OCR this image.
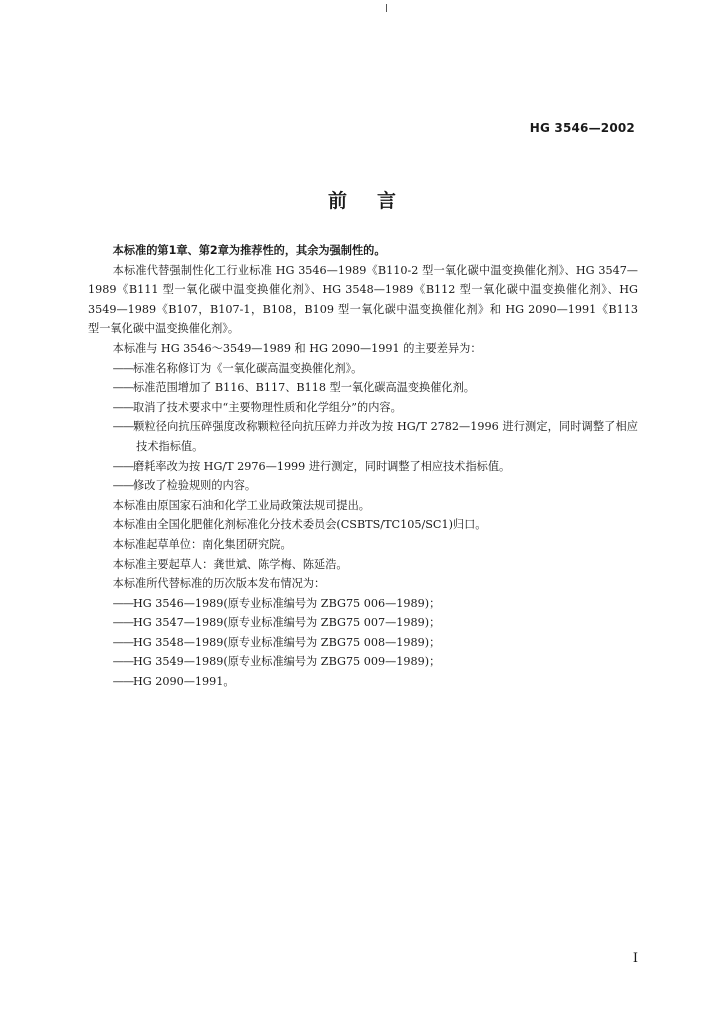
HG 3546—2002
前言

本标准的第1章、第2章为推荐性的，其余为强制性的。

本标准代替强制性化工行业标准 HG 3546—1989《B110-2 型一氧化碳中温变换催化剂》、HG 3547—1989《B111 型一氧化碳中温变换催化剂》、HG 3548—1989《B112 型一氧化碳中温变换催化剂》、HG 3549—1989《B107，B107-1，B108，B109 型一氧化碳中温变换催化剂》和 HG 2090—1991《B113 型一氧化碳中温变换催化剂》。

本标准与 HG 3546～3549—1989 和 HG 2090—1991 的主要差异为：

——标准名称修订为《一氧化碳高温变换催化剂》。

——标准范围增加了 B116、B117、B118 型一氧化碳高温变换催化剂。

——取消了技术要求中“主要物理性质和化学组分”的内容。

——颗粒径向抗压碎强度改称颗粒径向抗压碎力并改为按 HG/T 2782—1996 进行测定，同时调整了相应技术指标值。

——磨耗率改为按 HG/T 2976—1999 进行测定，同时调整了相应技术指标值。

——修改了检验规则的内容。

本标准由原国家石油和化学工业局政策法规司提出。

本标准由全国化肥催化剂标准化分技术委员会(CSBTS/TC105/SC1)归口。

本标准起草单位：南化集团研究院。

本标准主要起草人：龚世斌、陈学梅、陈延浩。

本标准所代替标准的历次版本发布情况为：

——HG 3546—1989(原专业标准编号为 ZBG75 006—1989)；

——HG 3547—1989(原专业标准编号为 ZBG75 007—1989)；

——HG 3548—1989(原专业标准编号为 ZBG75 008—1989)；

——HG 3549—1989(原专业标准编号为 ZBG75 009—1989)；

——HG 2090—1991。

I
